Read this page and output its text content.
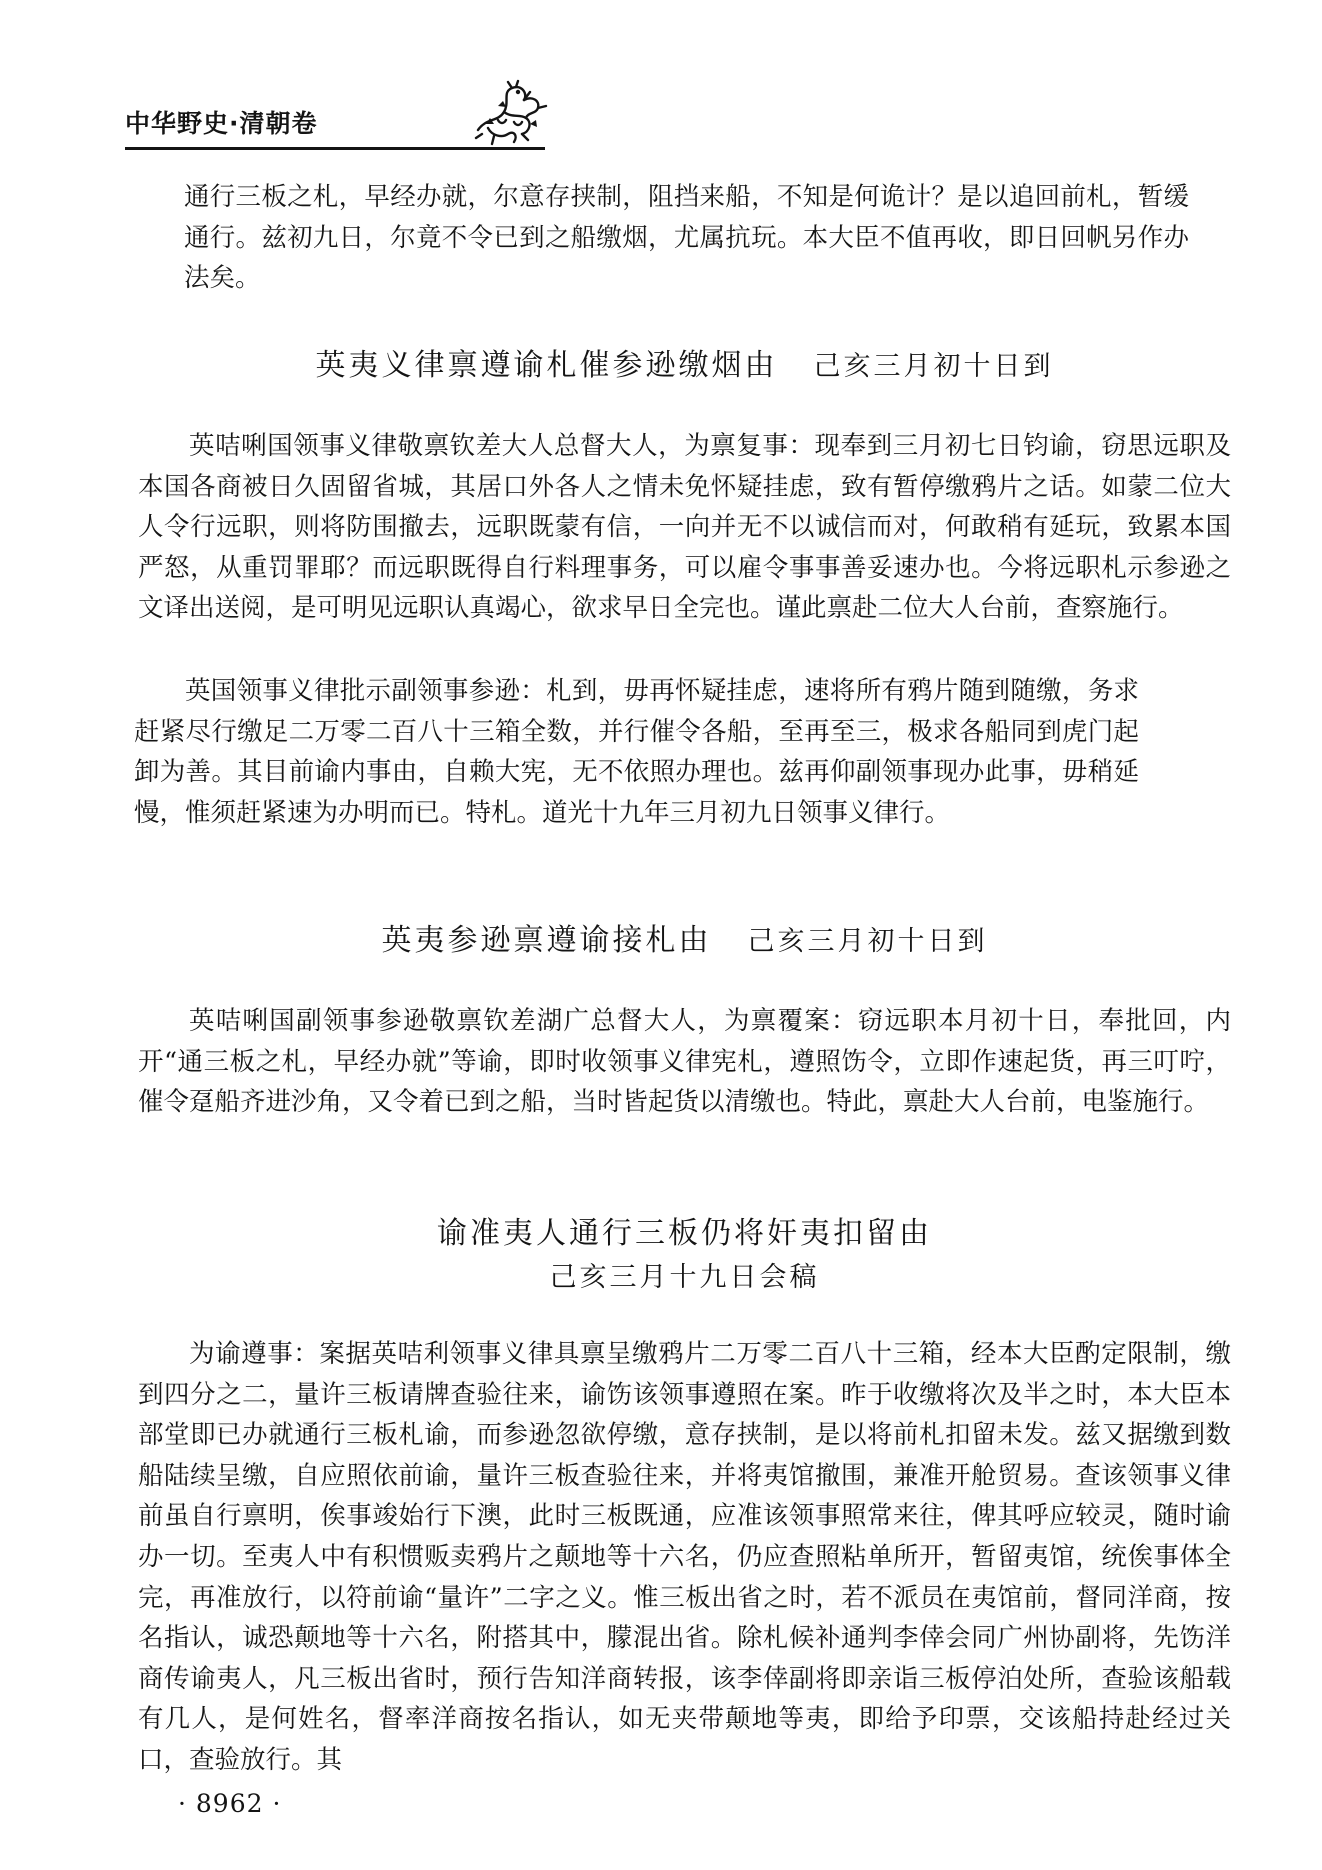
中华野史·清朝卷

通行三板之札，早经办就，尔意存挟制，阻挡来船，不知是何诡计？是以追回前札，暂缓通行。兹初九日，尔竟不令已到之船缴烟，尤属抗玩。本大臣不值再收，即日回帆另作办法矣。

英夷义律禀遵谕札催参逊缴烟由 己亥三月初十日到

英咭唎国领事义律敬禀钦差大人总督大人，为禀复事：现奉到三月初七日钧谕，窃思远职及本国各商被日久固留省城，其居口外各人之情未免怀疑挂虑，致有暂停缴鸦片之话。如蒙二位大人令行远职，则将防围撤去，远职既蒙有信，一向并无不以诚信而对，何敢稍有延玩，致累本国严怒，从重罚罪耶？而远职既得自行料理事务，可以雇令事事善妥速办也。今将远职札示参逊之文译出送阅，是可明见远职认真竭心，欲求早日全完也。谨此禀赴二位大人台前，查察施行。

英国领事义律批示副领事参逊：札到，毋再怀疑挂虑，速将所有鸦片随到随缴，务求赶紧尽行缴足二万零二百八十三箱全数，并行催令各船，至再至三，极求各船同到虎门起卸为善。其目前谕内事由，自赖大宪，无不依照办理也。兹再仰副领事现办此事，毋稍延慢，惟须赶紧速为办明而已。特札。道光十九年三月初九日领事义律行。

英夷参逊禀遵谕接札由 己亥三月初十日到

英咭唎国副领事参逊敬禀钦差湖广总督大人，为禀覆案：窃远职本月初十日，奉批回，内开“通三板之札，早经办就”等谕，即时收领事义律宪札，遵照饬令，立即作速起货，再三叮咛，催令趸船齐进沙角，又令着已到之船，当时皆起货以清缴也。特此，禀赴大人台前，电鉴施行。

谕准夷人通行三板仍将奸夷扣留由
己亥三月十九日会稿

为谕遵事：案据英咭利领事义律具禀呈缴鸦片二万零二百八十三箱，经本大臣酌定限制，缴到四分之二，量许三板请牌查验往来，谕饬该领事遵照在案。昨于收缴将次及半之时，本大臣本部堂即已办就通行三板札谕，而参逊忽欲停缴，意存挟制，是以将前札扣留未发。兹又据缴到数船陆续呈缴，自应照依前谕，量许三板查验往来，并将夷馆撤围，兼准开舱贸易。查该领事义律前虽自行禀明，俟事竣始行下澳，此时三板既通，应准该领事照常来往，俾其呼应较灵，随时谕办一切。至夷人中有积惯贩卖鸦片之颠地等十六名，仍应查照粘单所开，暂留夷馆，统俟事体全完，再准放行，以符前谕“量许”二字之义。惟三板出省之时，若不派员在夷馆前，督同洋商，按名指认，诚恐颠地等十六名，附搭其中，朦混出省。除札候补通判李倖会同广州协副将，先饬洋商传谕夷人，凡三板出省时，预行告知洋商转报，该李倖副将即亲诣三板停泊处所，查验该船载有几人，是何姓名，督率洋商按名指认，如无夹带颠地等夷，即给予印票，交该船持赴经过关口，查验放行。其

· 8962 ·
